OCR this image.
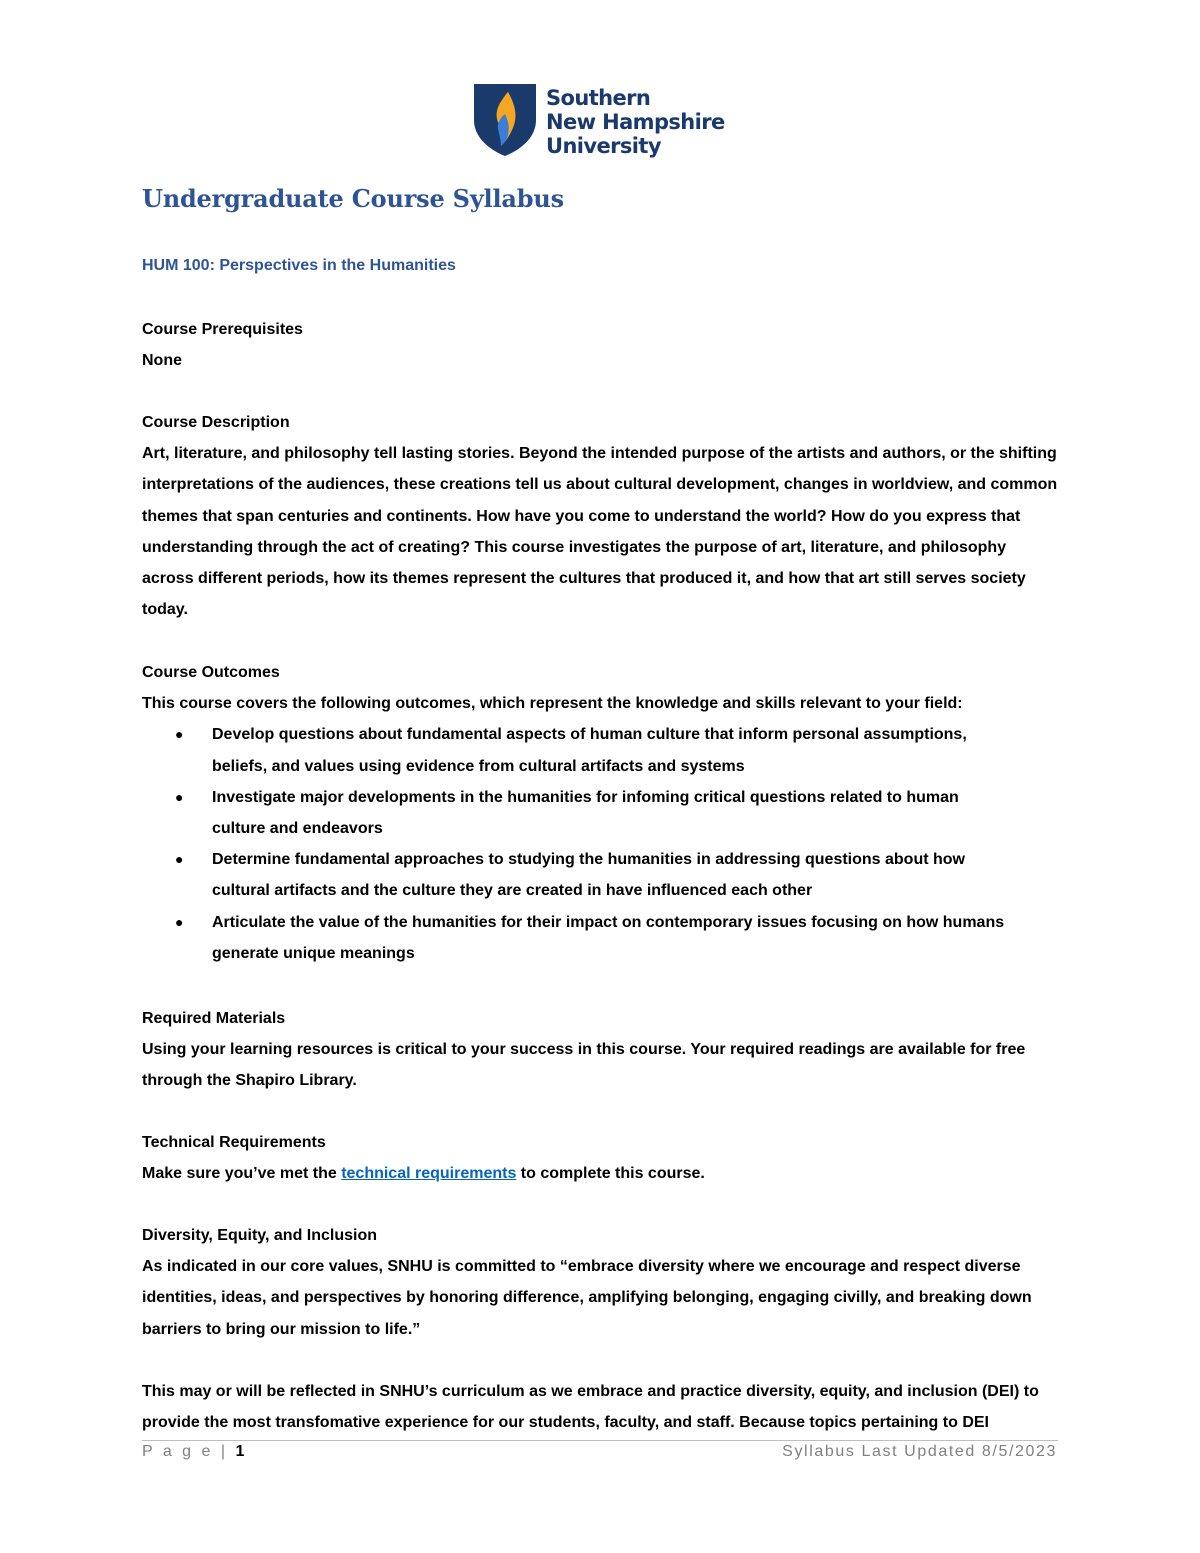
Southern
New Hampshire
University
Undergraduate Course Syllabus
HUM 100: Perspectives in the Humanities
Course Prerequisites
None
Course Description
Art, literature, and philosophy tell lasting stories. Beyond the intended purpose of the artists and authors, or the shifting interpretations of the audiences, these creations tell us about cultural development, changes in worldview, and common themes that span centuries and continents. How have you come to understand the world? How do you express that understanding through the act of creating? This course investigates the purpose of art, literature, and philosophy across different periods, how its themes represent the cultures that produced it, and how that art still serves society today.
Course Outcomes
This course covers the following outcomes, which represent the knowledge and skills relevant to your field:
● Develop questions about fundamental aspects of human culture that inform personal assumptions, beliefs, and values using evidence from cultural artifacts and systems
● Investigate major developments in the humanities for infoming critical questions related to human culture and endeavors
● Determine fundamental approaches to studying the humanities in addressing questions about how cultural artifacts and the culture they are created in have influenced each other
● Articulate the value of the humanities for their impact on contemporary issues focusing on how humans generate unique meanings
Required Materials
Using your learning resources is critical to your success in this course. Your required readings are available for free through the Shapiro Library.
Technical Requirements
Make sure you’ve met the technical requirements to complete this course.
Diversity, Equity, and Inclusion
As indicated in our core values, SNHU is committed to “embrace diversity where we encourage and respect diverse identities, ideas, and perspectives by honoring difference, amplifying belonging, engaging civilly, and breaking down barriers to bring our mission to life.”
This may or will be reflected in SNHU’s curriculum as we embrace and practice diversity, equity, and inclusion (DEI) to provide the most transfomative experience for our students, faculty, and staff. Because topics pertaining to DEI
P a g e | 1	Syllabus Last Updated 8/5/2023
